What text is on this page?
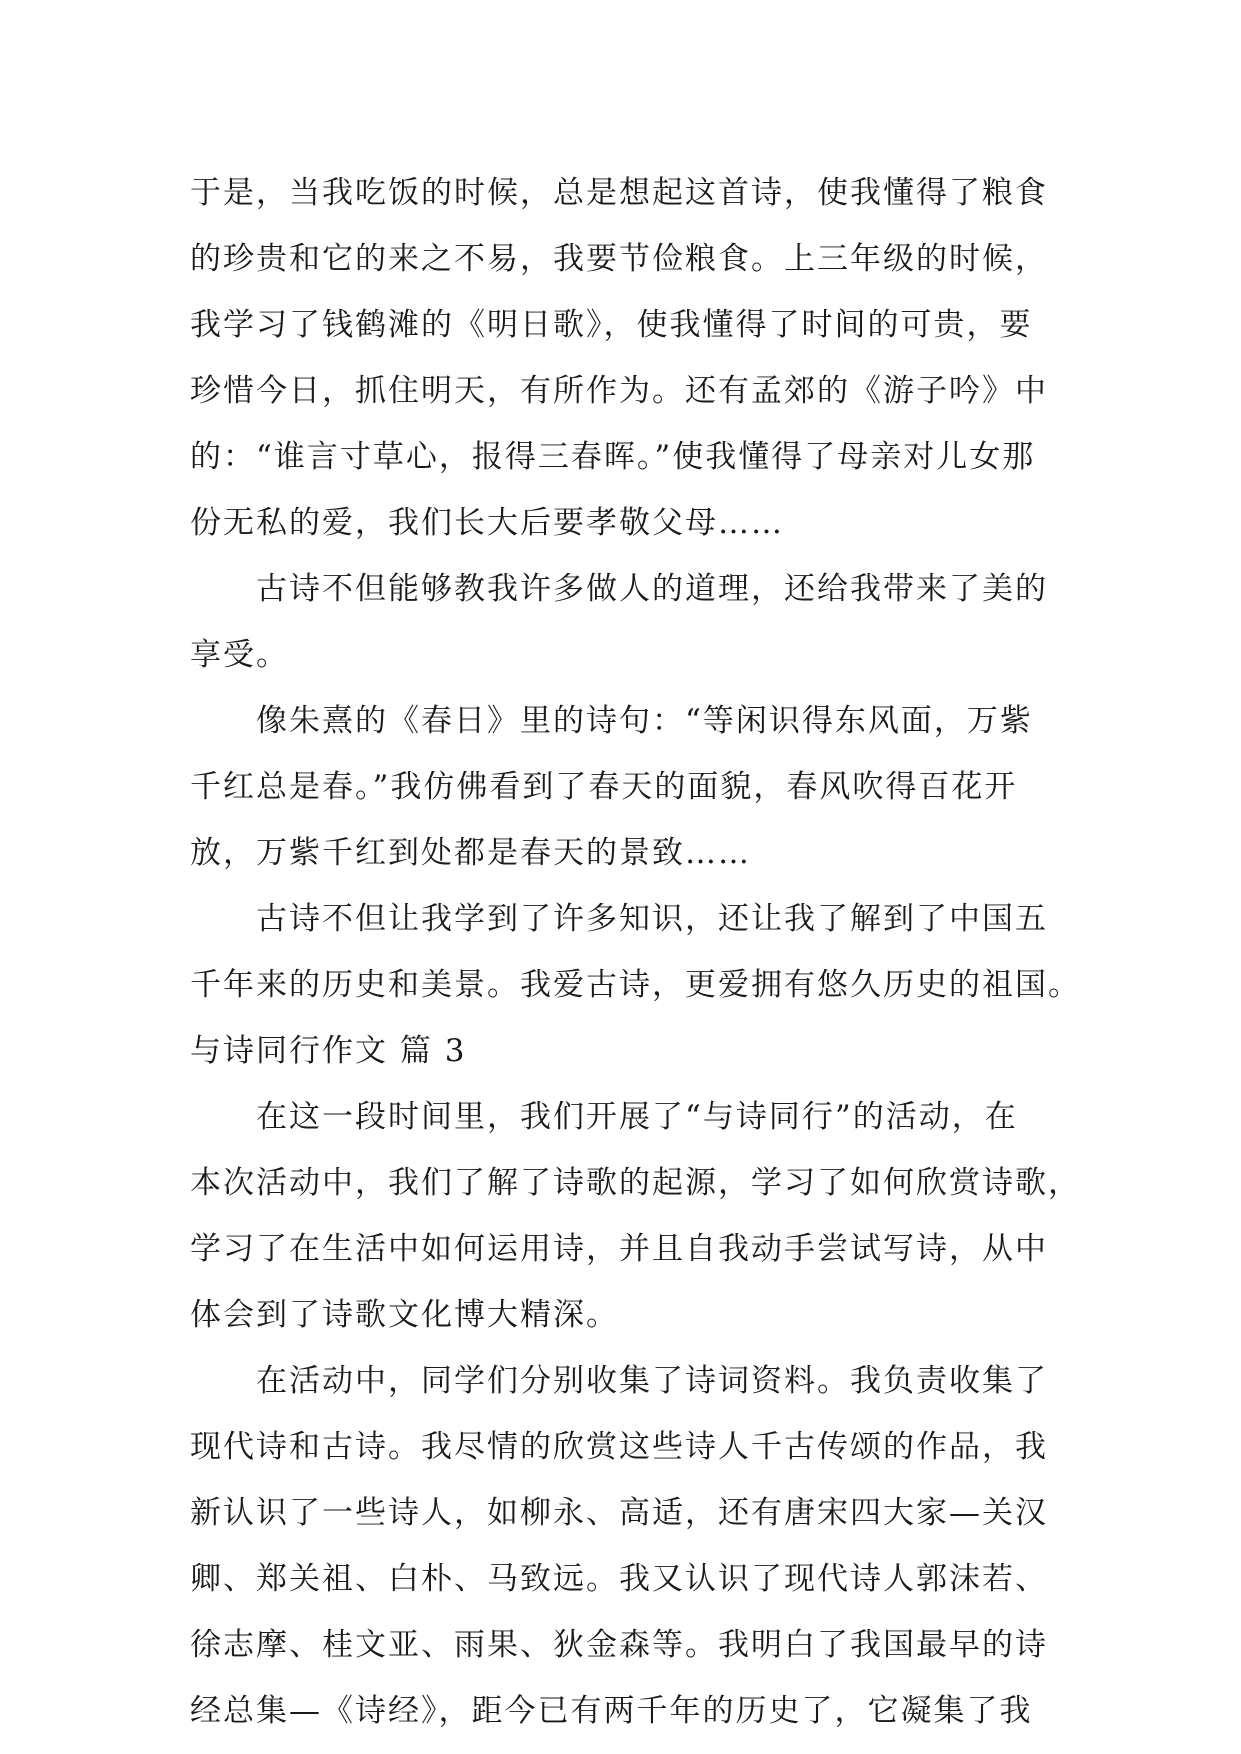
于是，当我吃饭的时候，总是想起这首诗，使我懂得了粮食
的珍贵和它的来之不易，我要节俭粮食。上三年级的时候，
我学习了钱鹤滩的《明日歌》，使我懂得了时间的可贵，要
珍惜今日，抓住明天，有所作为。还有孟郊的《游子吟》中
的：“谁言寸草心，报得三春晖。”使我懂得了母亲对儿女那
份无私的爱，我们长大后要孝敬父母……
古诗不但能够教我许多做人的道理，还给我带来了美的
享受。
像朱熹的《春日》里的诗句：“等闲识得东风面，万紫
千红总是春。”我仿佛看到了春天的面貌，春风吹得百花开
放，万紫千红到处都是春天的景致……
古诗不但让我学到了许多知识，还让我了解到了中国五
千年来的历史和美景。我爱古诗，更爱拥有悠久历史的祖国。
与诗同行作文 篇 3
在这一段时间里，我们开展了“与诗同行”的活动，在
本次活动中，我们了解了诗歌的起源，学习了如何欣赏诗歌，
学习了在生活中如何运用诗，并且自我动手尝试写诗，从中
体会到了诗歌文化博大精深。
在活动中，同学们分别收集了诗词资料。我负责收集了
现代诗和古诗。我尽情的欣赏这些诗人千古传颂的作品，我
新认识了一些诗人，如柳永、高适，还有唐宋四大家—关汉
卿、郑关祖、白朴、马致远。我又认识了现代诗人郭沫若、
徐志摩、桂文亚、雨果、狄金森等。我明白了我国最早的诗
经总集—《诗经》，距今已有两千年的历史了，它凝集了我
